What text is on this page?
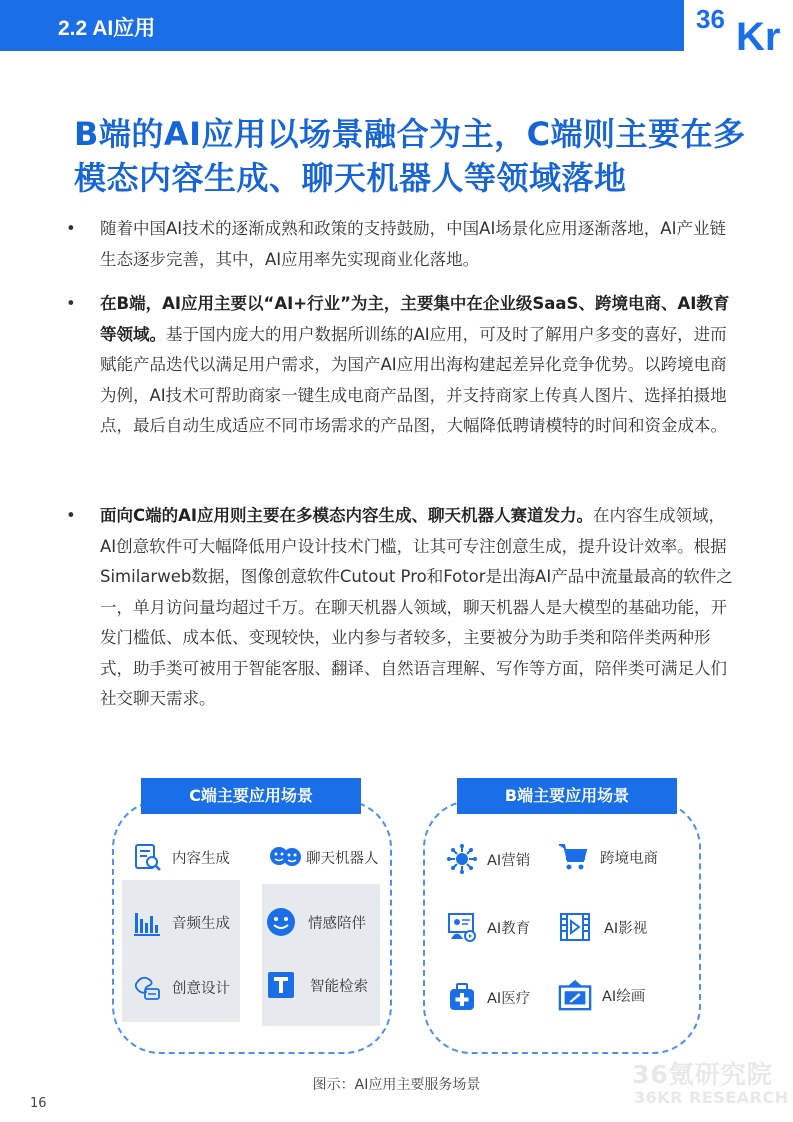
2.2 AI应用	36 Kr
B端的AI应用以场景融合为主，C端则主要在多
模态内容生成、聊天机器人等领域落地
•	随着中国AI技术的逐渐成熟和政策的支持鼓励，中国AI场景化应用逐渐落地，AI产业链生态逐步完善，其中，AI应用率先实现商业化落地。
•	在B端，AI应用主要以“AI+行业”为主，主要集中在企业级SaaS、跨境电商、AI教育等领域。基于国内庞大的用户数据所训练的AI应用，可及时了解用户多变的喜好，进而赋能产品迭代以满足用户需求，为国产AI应用出海构建起差异化竞争优势。以跨境电商为例，AI技术可帮助商家一键生成电商产品图，并支持商家上传真人图片、选择拍摄地点，最后自动生成适应不同市场需求的产品图，大幅降低聘请模特的时间和资金成本。
•	面向C端的AI应用则主要在多模态内容生成、聊天机器人赛道发力。在内容生成领域，AI创意软件可大幅降低用户设计技术门槛，让其可专注创意生成，提升设计效率。根据Similarweb数据，图像创意软件Cutout Pro和Fotor是出海AI产品中流量最高的软件之一，单月访问量均超过千万。在聊天机器人领域，聊天机器人是大模型的基础功能，开发门槛低、成本低、变现较快，业内参与者较多，主要被分为助手类和陪伴类两种形式，助手类可被用于智能客服、翻译、自然语言理解、写作等方面，陪伴类可满足人们社交聊天需求。
C端主要应用场景
内容生成	聊天机器人
音频生成	情感陪伴
创意设计	智能检索
B端主要应用场景
AI营销	跨境电商
AI教育	AI影视
AI医疗	AI绘画
图示：AI应用主要服务场景	36氪研究院
36KR RESEARCH
16
